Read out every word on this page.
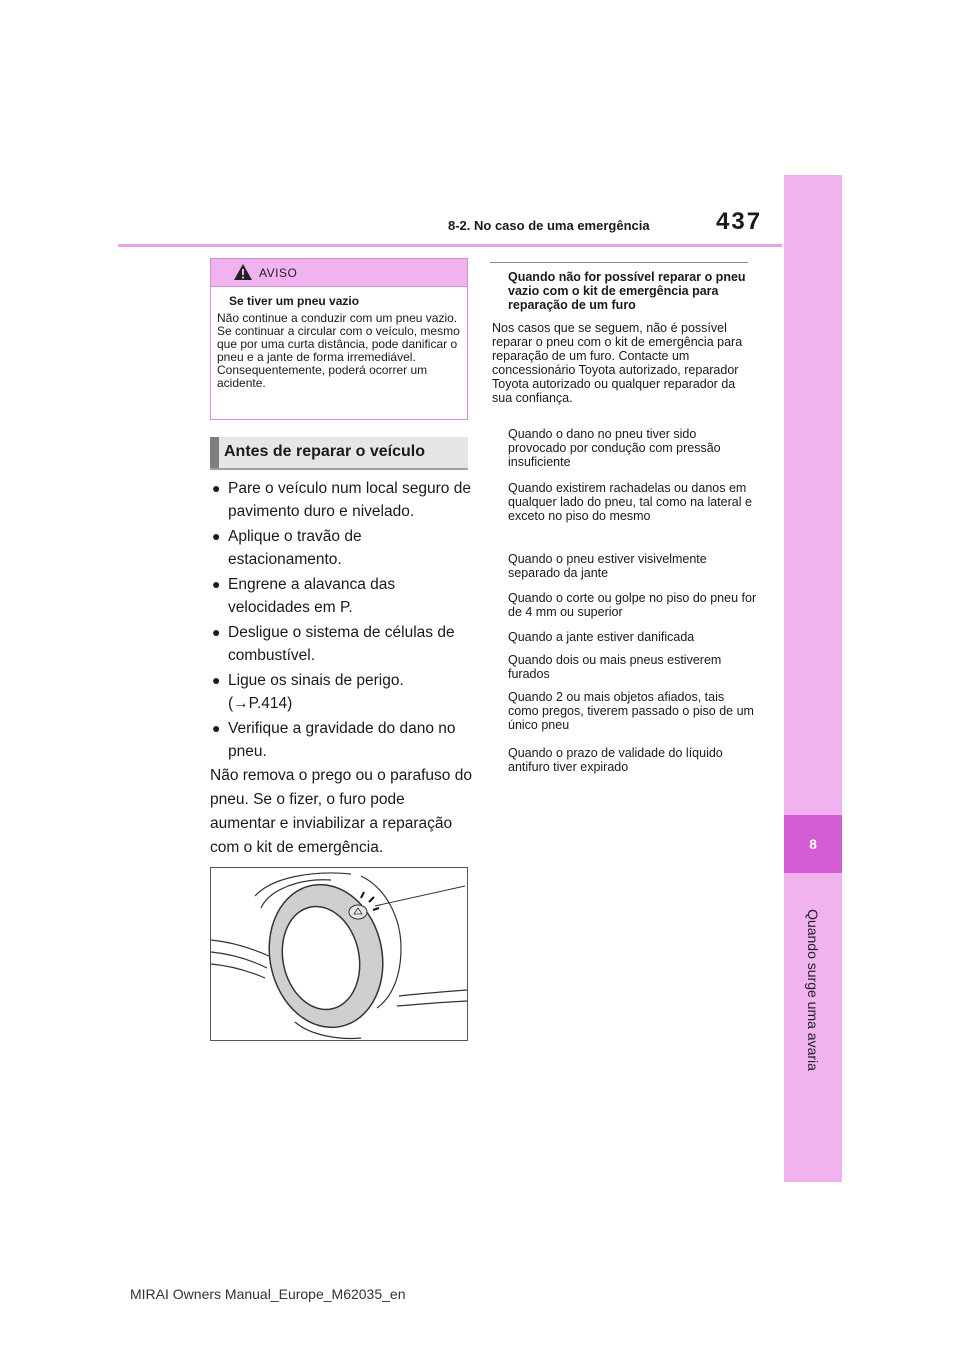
8-2. No caso de uma emergência	437
8
Quando surge uma avaria
AVISO
Se tiver um pneu vazio
Não continue a conduzir com um pneu vazio. Se continuar a circular com o veículo, mesmo que por uma curta distância, pode danificar o pneu e a jante de forma irremediável. Consequentemente, poderá ocorrer um acidente.
Antes de reparar o veículo
● Pare o veículo num local seguro de pavimento duro e nivelado.
● Aplique o travão de estacionamento.
● Engrene a alavanca das velocidades em P.
● Desligue o sistema de células de combustível.
● Ligue os sinais de perigo. (→P.414)
● Verifique a gravidade do dano no pneu.
Não remova o prego ou o parafuso do pneu. Se o fizer, o furo pode aumentar e inviabilizar a reparação com o kit de emergência.
Quando não for possível reparar o pneu vazio com o kit de emergência para reparação de um furo
Nos casos que se seguem, não é possível reparar o pneu com o kit de emergência para reparação de um furo. Contacte um concessionário Toyota autorizado, reparador Toyota autorizado ou qualquer reparador da sua confiança.
Quando o dano no pneu tiver sido provocado por condução com pressão insuficiente
Quando existirem rachadelas ou danos em qualquer lado do pneu, tal como na lateral e exceto no piso do mesmo
Quando o pneu estiver visivelmente separado da jante
Quando o corte ou golpe no piso do pneu for de 4 mm ou superior
Quando a jante estiver danificada
Quando dois ou mais pneus estiverem furados
Quando 2 ou mais objetos afiados, tais como pregos, tiverem passado o piso de um único pneu
Quando o prazo de validade do líquido antifuro tiver expirado
MIRAI Owners Manual_Europe_M62035_en
